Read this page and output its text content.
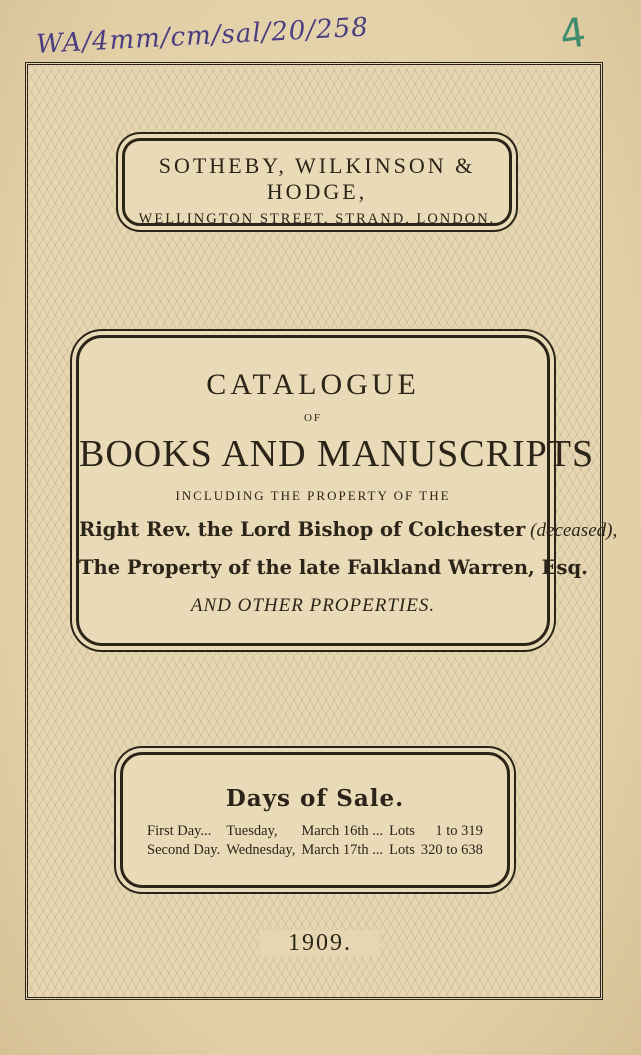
WA/4mm/cm/sal/20/258	4
SOTHEBY, WILKINSON & HODGE,
WELLINGTON STREET, STRAND, LONDON.
CATALOGUE
OF
BOOKS AND MANUSCRIPTS
INCLUDING THE PROPERTY OF THE
Right Rev. the Lord Bishop of Colchester (deceased),
The Property of the late Falkland Warren, Esq.
AND OTHER PROPERTIES.
Days of Sale.
First Day...	Tuesday,	March 16th ...	Lots	1 to 319
Second Day.	Wednesday,	March 17th ...	Lots	320 to 638
1909.
